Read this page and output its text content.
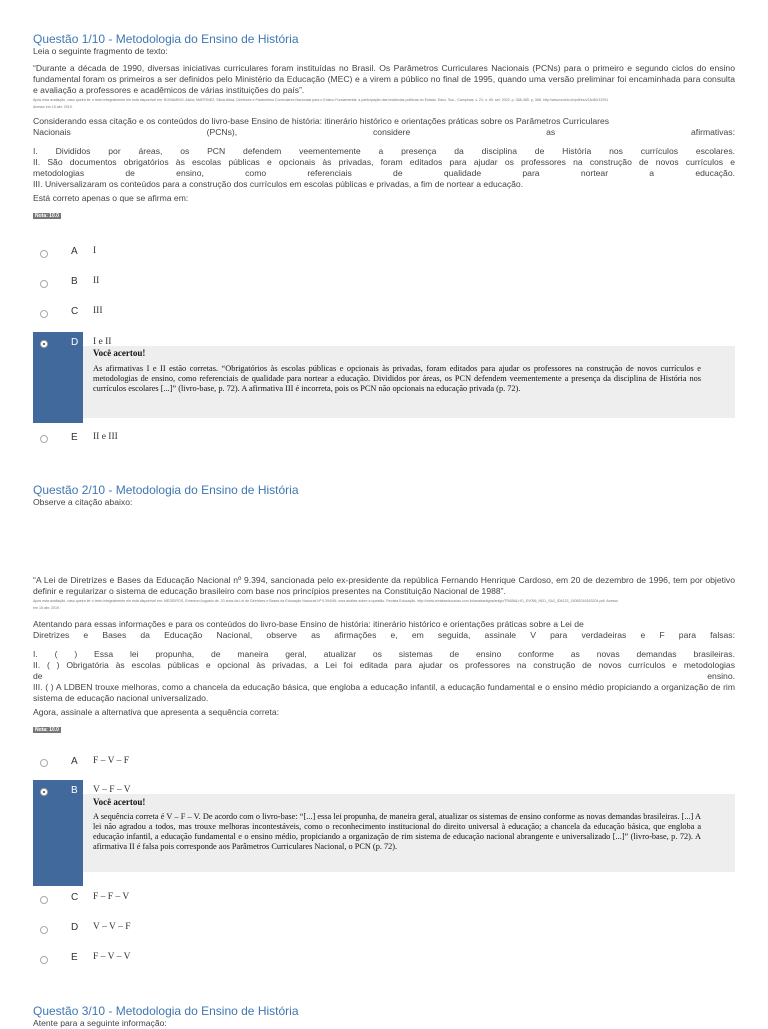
Questão 1/10 - Metodologia do Ensino de História

Leia o seguinte fragmento de texto:

“Durante a década de 1990, diversas iniciativas curriculares foram instituídas no Brasil. Os Parâmetros Curriculares Nacionais (PCNs) para o primeiro e segundo ciclos do ensino fundamental foram os primeiros a ser definidos pelo Ministério da Educação (MEC) e a virem a público no final de 1995, quando uma versão preliminar foi encaminhada para consulta e avaliação a professores e acadêmicos de várias instituições do país”.

Após esta avaliação, caso queira ler o texto integralmente ele está disponível em: BONAMINO, Alicia; MARTINEZ, Silvia Alicia. Diretrizes e Parâmetros Curriculares Nacionais para o Ensino Fundamental: a participação das instâncias políticas do Estado. Educ. Soc., Campinas, v. 23, n. 80, set. 2002. p. 368-385. p. 368. http://www.scielo.br/pdf/es/v23n80/12931

Acesso em 15 abr. 2019.

Considerando essa citação e os conteúdos do livro-base Ensino de história: itinerário histórico e orientações práticas sobre os Parâmetros Curriculares

Nacionais	(PCNs),	considere	as	afirmativas:

I. Divididos por áreas, os PCN defendem veementemente a presença da disciplina de História nos currículos escolares.

II. São documentos obrigatórios às escolas públicas e opcionais às privadas, foram editados para ajudar os professores na construção de novos currículos e

metodologias de ensino, como referenciais de qualidade para nortear a educação.

III. Universalizaram os conteúdos para a construção dos currículos em escolas públicas e privadas, a fim de nortear a educação.

Está correto apenas o que se afirma em:

Nota: 10.0
A I
B II
C III
D I e II
Você acertou!
As afirmativas I e II estão corretas. “Obrigatórios às escolas públicas e opcionais às privadas, foram editados para ajudar os professores na construção de novos currículos e metodologias de ensino, como referenciais de qualidade para nortear a educação. Divididos por áreas, os PCN defendem veementemente a presença da disciplina de História nos currículos escolares [...]” (livro-base, p. 72). A afirmativa III é incorreta, pois os PCN não opcionais na educação privada (p. 72).
E II e III

Questão 2/10 - Metodologia do Ensino de História

Observe a citação abaixo:

“A Lei de Diretrizes e Bases da Educação Nacional nº 9.394, sancionada pelo ex-presidente da república Fernando Henrique Cardoso, em 20 de dezembro de 1996, tem por objetivo definir e regularizar o sistema de educação brasileiro com base nos princípios presentes na Constituição Nacional de 1988”.

Após esta avaliação, caso queira ler o texto integralmente ele está disponível em: MEDEIROS, Emerson Augusto de. 20 anos da Lei de Diretrizes e Bases da Educação Nacional Nº 9.394/96: uma análise sobre a questão. Revista Educação. http://www.revistaeducacao.com.br/anaisartigos/artigo/TRABALHO_EV056_MD1_SA3_ID6133_15082016163204.pdf. Acesso

em 15 abr. 2019.

Atentando para essas informações e para os conteúdos do livro-base Ensino de história: itinerário histórico e orientações práticas sobre a Lei de

Diretrizes e Bases da Educação Nacional, observe as afirmações e, em seguida, assinale V para verdadeiras e F para falsas:

I. ( ) Essa lei propunha, de maneira geral, atualizar os sistemas de ensino conforme as novas demandas brasileiras.

II. ( ) Obrigatória às escolas públicas e opcional às privadas, a Lei foi editada para ajudar os professores na construção de novos currículos e metodologias

de	ensino.

III. ( ) A LDBEN trouxe melhoras, como a chancela da educação básica, que engloba a educação infantil, a educação fundamental e o ensino médio propiciando a organização de rim sistema de educação nacional universalizado.

Agora, assinale a alternativa que apresenta a sequência correta:

Nota: 10.0
A F – V – F
B V – F – V
Você acertou!
A sequência correta é V – F – V. De acordo com o livro-base: “[...] essa lei propunha, de maneira geral, atualizar os sistemas de ensino conforme as novas demandas brasileiras. [...] A lei não agradou a todos, mas trouxe melhoras incontestáveis, como o reconhecimento institucional do direito universal à educação; a chancela da educação básica, que engloba a educação infantil, a educação fundamental e o ensino médio, propiciando a organização de rim sistema de educação nacional abrangente e universalizado [...]” (livro-base, p. 72). A afirmativa II é falsa pois corresponde aos Parâmetros Curriculares Nacional, o PCN (p. 72).
C F – F – V
D V – V – F
E F – V – V

Questão 3/10 - Metodologia do Ensino de História

Atente para a seguinte informação:
